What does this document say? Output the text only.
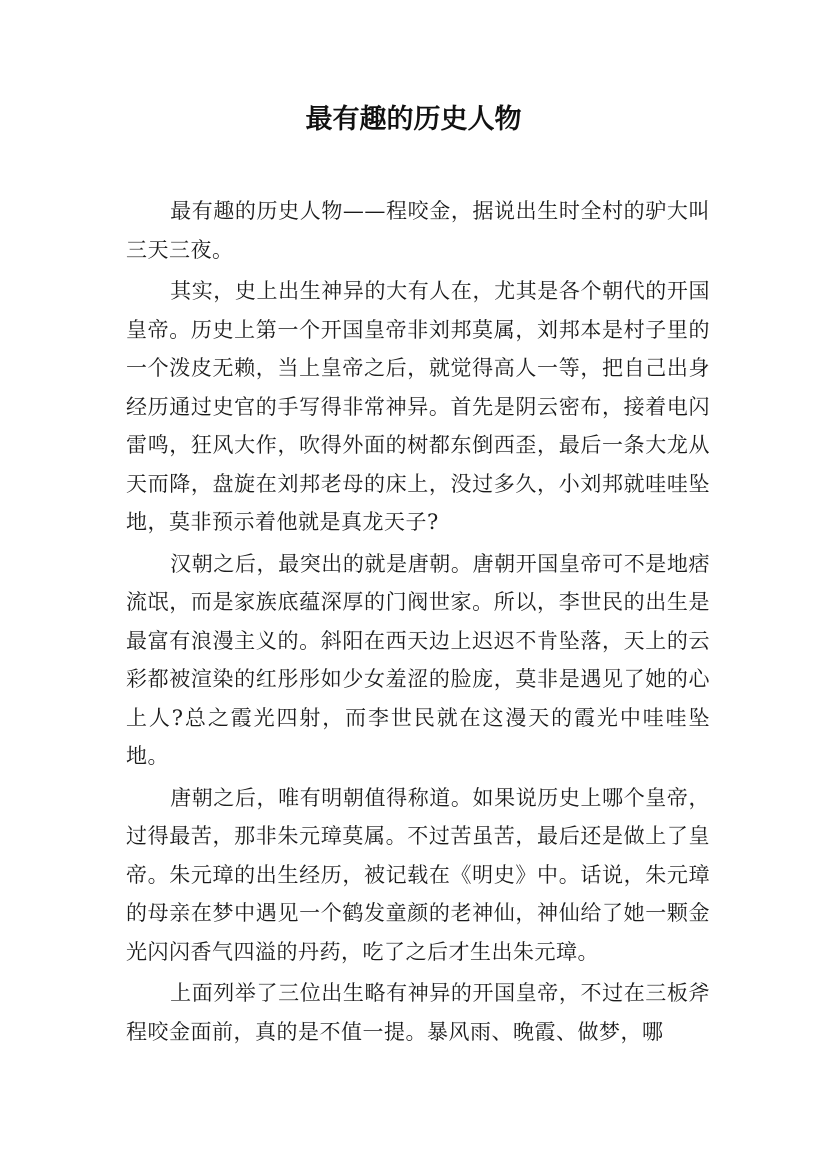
最有趣的历史人物

最有趣的历史人物——程咬金，据说出生时全村的驴大叫三天三夜。

其实，史上出生神异的大有人在，尤其是各个朝代的开国皇帝。历史上第一个开国皇帝非刘邦莫属，刘邦本是村子里的一个泼皮无赖，当上皇帝之后，就觉得高人一等，把自己出身经历通过史官的手写得非常神异。首先是阴云密布，接着电闪雷鸣，狂风大作，吹得外面的树都东倒西歪，最后一条大龙从天而降，盘旋在刘邦老母的床上，没过多久，小刘邦就哇哇坠地，莫非预示着他就是真龙天子?

汉朝之后，最突出的就是唐朝。唐朝开国皇帝可不是地痞流氓，而是家族底蕴深厚的门阀世家。所以，李世民的出生是最富有浪漫主义的。斜阳在西天边上迟迟不肯坠落，天上的云彩都被渲染的红彤彤如少女羞涩的脸庞，莫非是遇见了她的心上人?总之霞光四射，而李世民就在这漫天的霞光中哇哇坠地。

唐朝之后，唯有明朝值得称道。如果说历史上哪个皇帝，过得最苦，那非朱元璋莫属。不过苦虽苦，最后还是做上了皇帝。朱元璋的出生经历，被记载在《明史》中。话说，朱元璋的母亲在梦中遇见一个鹤发童颜的老神仙，神仙给了她一颗金光闪闪香气四溢的丹药，吃了之后才生出朱元璋。

上面列举了三位出生略有神异的开国皇帝，不过在三板斧程咬金面前，真的是不值一提。暴风雨、晚霞、做梦，哪
